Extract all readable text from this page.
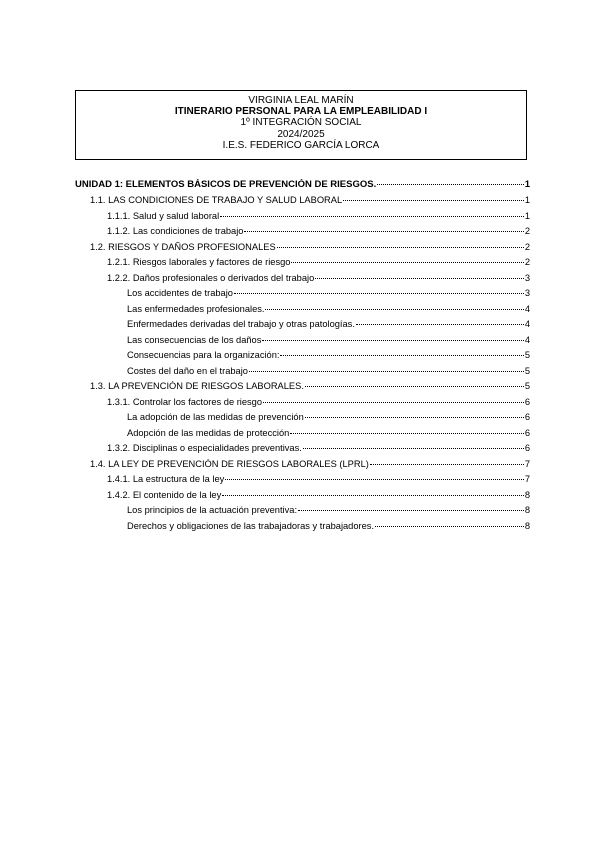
VIRGINIA LEAL MARÍN
ITINERARIO PERSONAL PARA LA EMPLEABILIDAD I
1º INTEGRACIÓN SOCIAL
2024/2025
I.E.S. FEDERICO GARCÍA LORCA
UNIDAD 1: ELEMENTOS BÁSICOS DE PREVENCIÓN DE RIESGOS.	1
1.1. LAS CONDICIONES DE TRABAJO Y SALUD LABORAL	1
1.1.1. Salud y salud laboral	1
1.1.2. Las condiciones de trabajo	2
1.2. RIESGOS Y DAÑOS PROFESIONALES	2
1.2.1. Riesgos laborales y factores de riesgo	2
1.2.2. Daños profesionales o derivados del trabajo	3
Los accidentes de trabajo	3
Las enfermedades profesionales.	4
Enfermedades derivadas del trabajo y otras patologías.	4
Las consecuencias de los daños	4
Consecuencias para la organización:	5
Costes del daño en el trabajo	5
1.3. LA PREVENCIÓN DE RIESGOS LABORALES.	5
1.3.1. Controlar los factores de riesgo	6
La adopción de las medidas de prevención	6
Adopción de las medidas de protección	6
1.3.2. Disciplinas o especialidades preventivas.	6
1.4. LA LEY DE PREVENCIÓN DE RIESGOS LABORALES (LPRL)	7
1.4.1. La estructura de la ley	7
1.4.2. El contenido de la ley	8
Los principios de la actuación preventiva:	8
Derechos y obligaciones de las trabajadoras y trabajadores.	8
